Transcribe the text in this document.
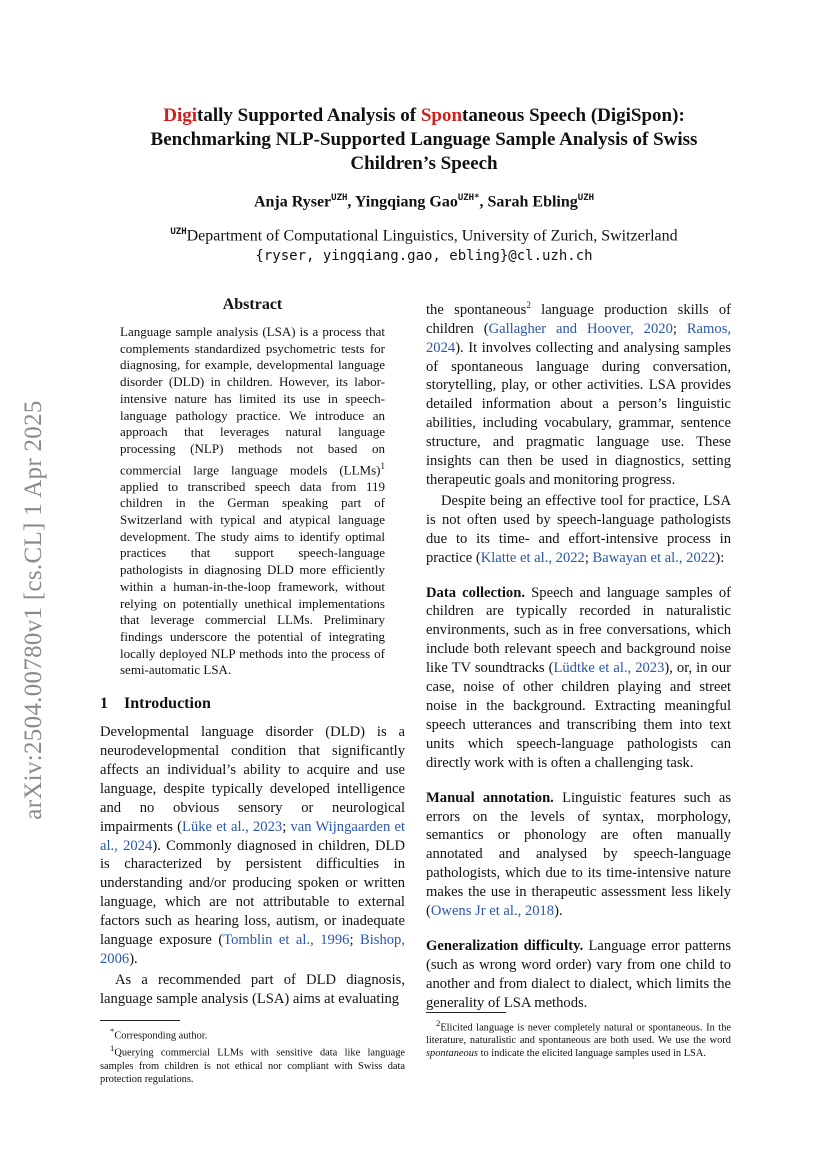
arXiv:2504.00780v1 [cs.CL] 1 Apr 2025
Digitally Supported Analysis of Spontaneous Speech (DigiSpon):
Benchmarking NLP-Supported Language Sample Analysis of Swiss
Children’s Speech
Anja Ryser$^{UZH}$, Yingqiang Gao$^{UZH*}$, Sarah Ebling$^{UZH}$
$^{UZH}$Department of Computational Linguistics, University of Zurich, Switzerland
{ryser, yingqiang.gao, ebling}@cl.uzh.ch
Abstract
Language sample analysis (LSA) is a process that complements standardized psychometric tests for diagnosing, for example, developmental language disorder (DLD) in children. However, its labor-intensive nature has limited its use in speech-language pathology practice. We introduce an approach that leverages natural language processing (NLP) methods not based on commercial large language models (LLMs)$^1$ applied to transcribed speech data from 119 children in the German speaking part of Switzerland with typical and atypical language development. The study aims to identify optimal practices that support speech-language pathologists in diagnosing DLD more efficiently within a human-in-the-loop framework, without relying on potentially unethical implementations that leverage commercial LLMs. Preliminary findings underscore the potential of integrating locally deployed NLP methods into the process of semi-automatic LSA.
1 Introduction

Developmental language disorder (DLD) is a neurodevelopmental condition that significantly affects an individual’s ability to acquire and use language, despite typically developed intelligence and no obvious sensory or neurological impairments (Lüke et al., 2023; van Wijngaarden et al., 2024). Commonly diagnosed in children, DLD is characterized by persistent difficulties in understanding and/or producing spoken or written language, which are not attributable to external factors such as hearing loss, autism, or inadequate language exposure (Tomblin et al., 1996; Bishop, 2006).

As a recommended part of DLD diagnosis, language sample analysis (LSA) aims at evaluating

*Corresponding author.

$^1$Querying commercial LLMs with sensitive data like language samples from children is not ethical nor compliant with Swiss data protection regulations.

the spontaneous$^2$ language production skills of children (Gallagher and Hoover, 2020; Ramos, 2024). It involves collecting and analysing samples of spontaneous language during conversation, storytelling, play, or other activities. LSA provides detailed information about a person’s linguistic abilities, including vocabulary, grammar, sentence structure, and pragmatic language use. These insights can then be used in diagnostics, setting therapeutic goals and monitoring progress.

Despite being an effective tool for practice, LSA is not often used by speech-language pathologists due to its time- and effort-intensive process in practice (Klatte et al., 2022; Bawayan et al., 2022):

Data collection. Speech and language samples of children are typically recorded in naturalistic environments, such as in free conversations, which include both relevant speech and background noise like TV soundtracks (Lüdtke et al., 2023), or, in our case, noise of other children playing and street noise in the background. Extracting meaningful speech utterances and transcribing them into text units which speech-language pathologists can directly work with is often a challenging task.

Manual annotation. Linguistic features such as errors on the levels of syntax, morphology, semantics or phonology are often manually annotated and analysed by speech-language pathologists, which due to its time-intensive nature makes the use in therapeutic assessment less likely (Owens Jr et al., 2018).

Generalization difficulty. Language error patterns (such as wrong word order) vary from one child to another and from dialect to dialect, which limits the generality of LSA methods.

$^2$Elicited language is never completely natural or spontaneous. In the literature, naturalistic and spontaneous are both used. We use the word spontaneous to indicate the elicited language samples used in LSA.
